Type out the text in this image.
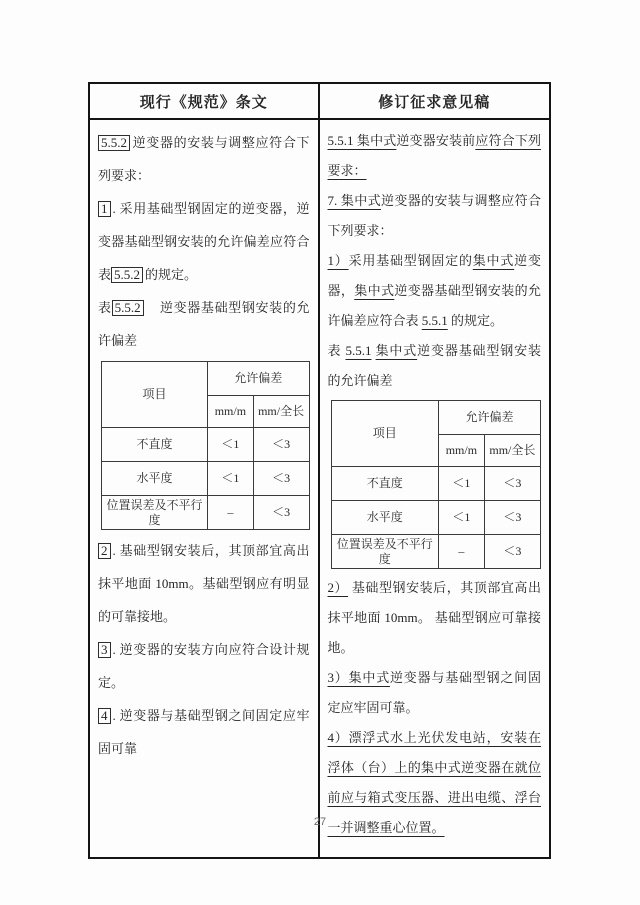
现行《规范》条文	修订征求意见稿
5.5.2 逆变器的安装与调整应符合下列要求：
1 . 采用基础型钢固定的逆变器，逆变器基础型钢安装的允许偏差应符合表 5.5.2 的规定。
表 5.5.2　逆变器基础型钢安装的允许偏差
项目	允许偏差	
	mm/m	mm/全长
不直度	＜1	＜3
水平度	＜1	＜3
位置误差及不平行度	–	＜3
2 . 基础型钢安装后，其顶部宜高出抹平地面 10mm。基础型钢应有明显的可靠接地。
3 . 逆变器的安装方向应符合设计规定。
4 . 逆变器与基础型钢之间固定应牢固可靠
5.5.1 集中式逆变器安装前应符合下列要求：
7. 集中式逆变器的安装与调整应符合下列要求：
1）采用基础型钢固定的集中式逆变器，集中式逆变器基础型钢安装的允许偏差应符合表 5.5.1 的规定。
表 5.5.1 集中式逆变器基础型钢安装的允许偏差
项目	允许偏差	
	mm/m	mm/全长
不直度	＜1	＜3
水平度	＜1	＜3
位置误差及不平行度	–	＜3
2） 基础型钢安装后，其顶部宜高出抹平地面 10mm。 基础型钢应可靠接地。
3）集中式逆变器与基础型钢之间固定应牢固可靠。
4）漂浮式水上光伏发电站，安装在浮体（台）上的集中式逆变器在就位前应与箱式变压器、进出电缆、浮台一并调整重心位置。
27
